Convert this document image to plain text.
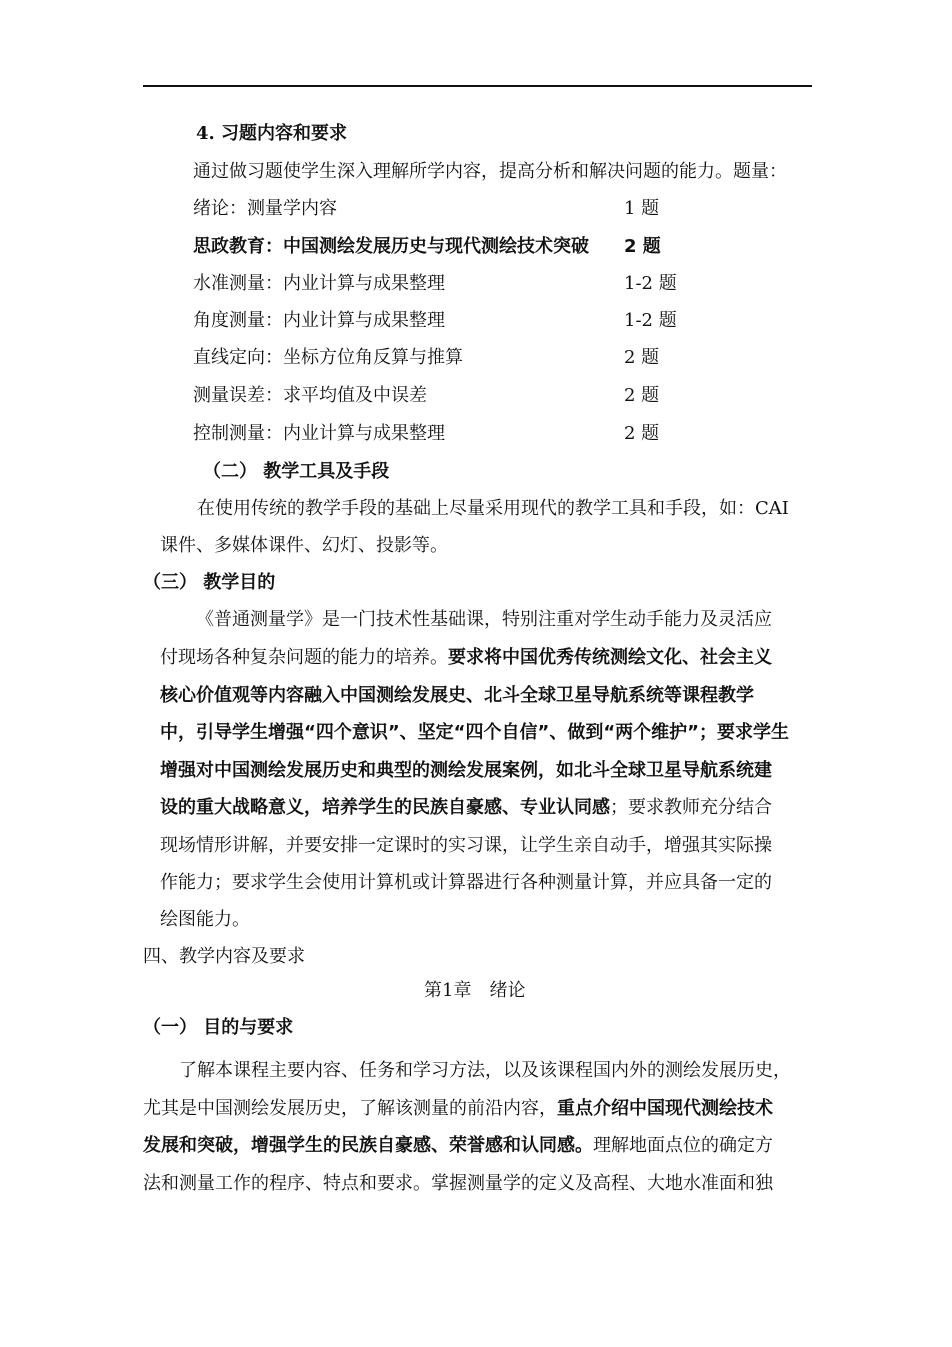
4. 习题内容和要求
通过做习题使学生深入理解所学内容，提高分析和解决问题的能力。题量：
绪论：测量学内容	1 题
思政教育：中国测绘发展历史与现代测绘技术突破 2 题
水准测量：内业计算与成果整理	1-2 题
角度测量：内业计算与成果整理	1-2 题
直线定向：坐标方位角反算与推算	2 题
测量误差：求平均值及中误差	2 题
控制测量：内业计算与成果整理	2 题
（二） 教学工具及手段
在使用传统的教学手段的基础上尽量采用现代的教学工具和手段，如：CAI
课件、多媒体课件、幻灯、投影等。
（三） 教学目的
《普通测量学》是一门技术性基础课，特别注重对学生动手能力及灵活应
付现场各种复杂问题的能力的培养。要求将中国优秀传统测绘文化、社会主义
核心价值观等内容融入中国测绘发展史、北斗全球卫星导航系统等课程教学
中，引导学生增强“四个意识”、坚定“四个自信”、做到“两个维护”；要求学生
增强对中国测绘发展历史和典型的测绘发展案例，如北斗全球卫星导航系统建
设的重大战略意义，培养学生的民族自豪感、专业认同感；要求教师充分结合
现场情形讲解，并要安排一定课时的实习课，让学生亲自动手，增强其实际操
作能力；要求学生会使用计算机或计算器进行各种测量计算，并应具备一定的
绘图能力。
四、教学内容及要求
第1章　绪论
（一） 目的与要求
了解本课程主要内容、任务和学习方法，以及该课程国内外的测绘发展历史，
尤其是中国测绘发展历史，了解该测量的前沿内容，重点介绍中国现代测绘技术
发展和突破，增强学生的民族自豪感、荣誉感和认同感。理解地面点位的确定方
法和测量工作的程序、特点和要求。掌握测量学的定义及高程、大地水准面和独
